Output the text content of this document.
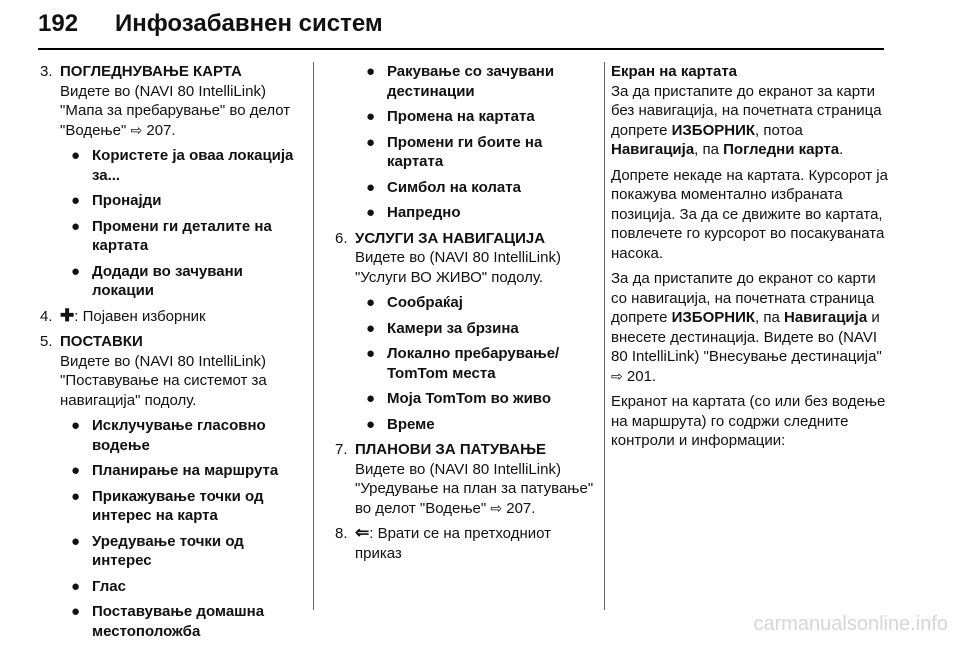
192 Инфозабавнен систем
3. ПОГЛЕДНУВАЊЕ КАРТА
Видете во (NAVI 80 IntelliLink) "Мапа за пребарување" во делот "Водење" ⇨ 207.
● Користете ја оваа локација за...
● Пронајди
● Промени ги деталите на картата
● Додади во зачувани локации
4. ✚: Појавен изборник
5. ПОСТАВКИ
Видете во (NAVI 80 IntelliLink) "Поставување на системот за навигација" подолу.
● Исклучување гласовно водење
● Планирање на маршрута
● Прикажување точки од интерес на карта
● Уредување точки од интерес
● Глас
● Поставување домашна местоположба
● Ракување со зачувани дестинации
● Промена на картата
● Промени ги боите на картата
● Симбол на колата
● Напредно
6. УСЛУГИ ЗА НАВИГАЦИЈА
Видете во (NAVI 80 IntelliLink) "Услуги ВО ЖИВО" подолу.
● Сообраќај
● Камери за брзина
● Локално пребарување/ TomTom места
● Моја TomTom во живо
● Време
7. ПЛАНОВИ ЗА ПАТУВАЊЕ
Видете во (NAVI 80 IntelliLink) "Уредување на план за патување" во делот "Водење" ⇨ 207.
8. ⇐: Врати се на претходниот приказ
Екран на картата
За да пристапите до екранот за карти без навигација, на почетната страница допрете ИЗБОРНИК, потоа Навигација, па Погледни карта.
Допрете некаде на картата. Курсорот ја покажува моментално избраната позиција. За да се движите во картата, повлечете го курсорот во посакуваната насока.
За да пристапите до екранот со карти со навигација, на почетната страница допрете ИЗБОРНИК, па Навигација и внесете дестинација. Видете во (NAVI 80 IntelliLink) "Внесување дестинација" ⇨ 201.
Екранот на картата (со или без водење на маршрута) го содржи следните контроли и информации:
carmanualsonline.info
